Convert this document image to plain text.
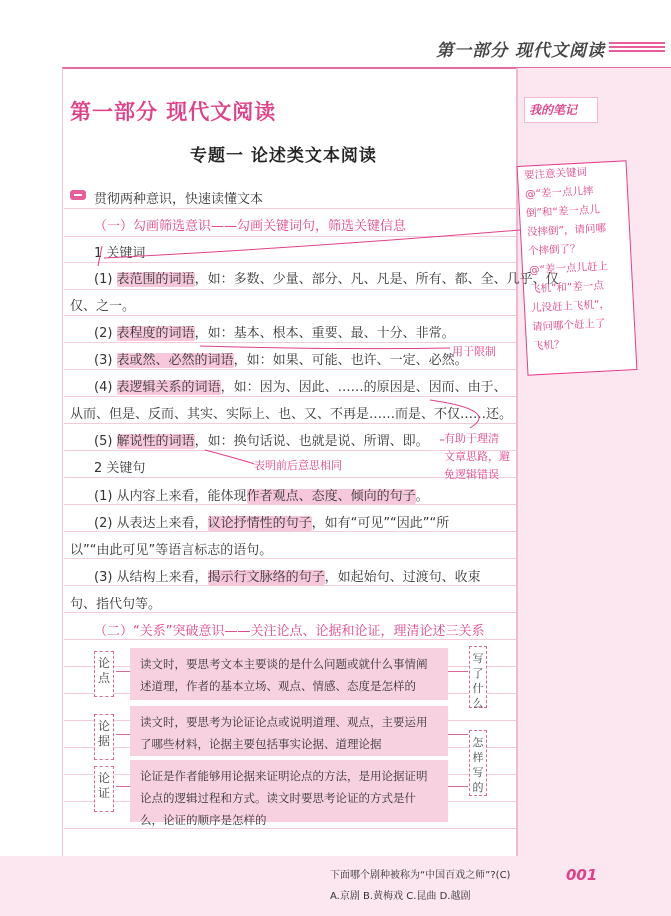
第一部分 现代文阅读
第一部分 现代文阅读
专题一 论述类文本阅读
我的笔记
要注意关键词
@“差一点儿摔
倒”和“差一点儿
没摔倒”，请问哪
个摔倒了？
@“差一点儿赶上
飞机”和“差一点
儿没赶上飞机”，
请问哪个赶上了
飞机？
贯彻两种意识，快速读懂文本
（一）勾画筛选意识——勾画关键词句，筛选关键信息
1 关键词
(1) 表范围的词语，如：多数、少量、部分、凡、凡是、所有、都、全、几乎、仅
仅、之一。
(2) 表程度的词语，如：基本、根本、重要、最、十分、非常。
(3) 表或然、必然的词语，如：如果、可能、也许、一定、必然。
用于限制
(4) 表逻辑关系的词语，如：因为、因此、……的原因是、因而、由于、
从而、但是、反而、其实、实际上、也、又、不再是……而是、不仅……还。
(5) 解说性的词语，如：换句话说、也就是说、所谓、即。 有助于理清
文章思路，避
免逻辑错误
2 关键句	表明前后意思相同
(1) 从内容上来看，能体现作者观点、态度、倾向的句子。
(2) 从表达上来看，议论抒情性的句子，如有“可见”“因此”“所
以”“由此可见”等语言标志的语句。
(3) 从结构上来看，揭示行文脉络的句子，如起始句、过渡句、收束
句、指代句等。
（二）“关系”突破意识——关注论点、论据和论证，理清论述三关系
论点
论据
论证
读文时，要思考文本主要谈的是什么问题或就什么事情阐述道理，作者的基本立场、观点、情感、态度是怎样的
读文时，要思考为论证论点或说明道理、观点，主要运用了哪些材料，论据主要包括事实论据、道理论据
论证是作者能够用论据来证明论点的方法，是用论据证明论点的逻辑过程和方式。读文时要思考论证的方式是什么，论证的顺序是怎样的
写了什么
怎样写的
下面哪个剧种被称为“中国百戏之师”?(C)
A.京剧 B.黄梅戏 C.昆曲 D.越剧
001
